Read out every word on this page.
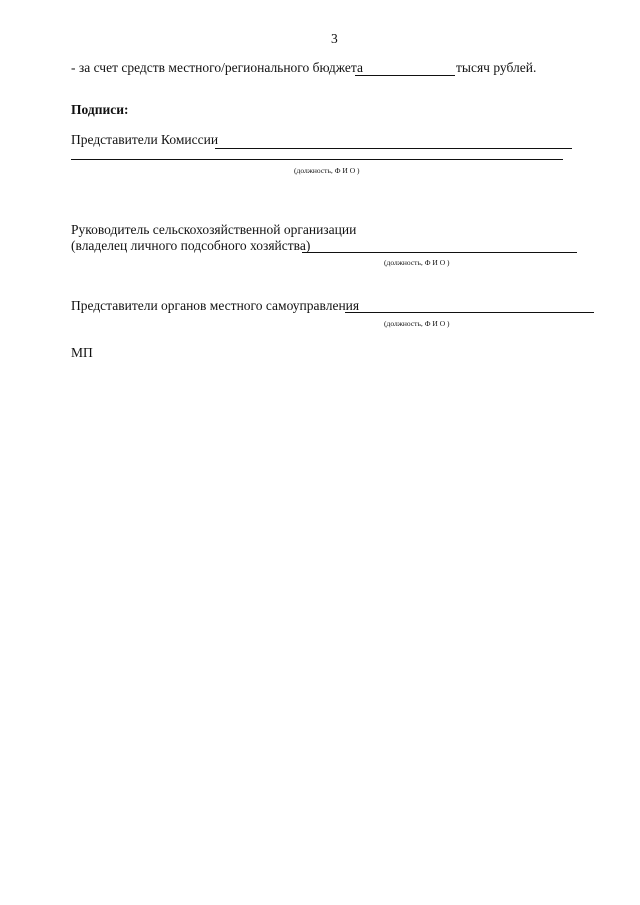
3
- за счет средств местного/регионального бюджета	тысяч рублей.
Подписи:
Представители Комиссии
(должность, Ф И О )
Руководитель сельскохозяйственной организации
(владелец личного подсобного хозяйства)
(должность, Ф И О )
Представители органов местного самоуправления
(должность, Ф И О )
МП
